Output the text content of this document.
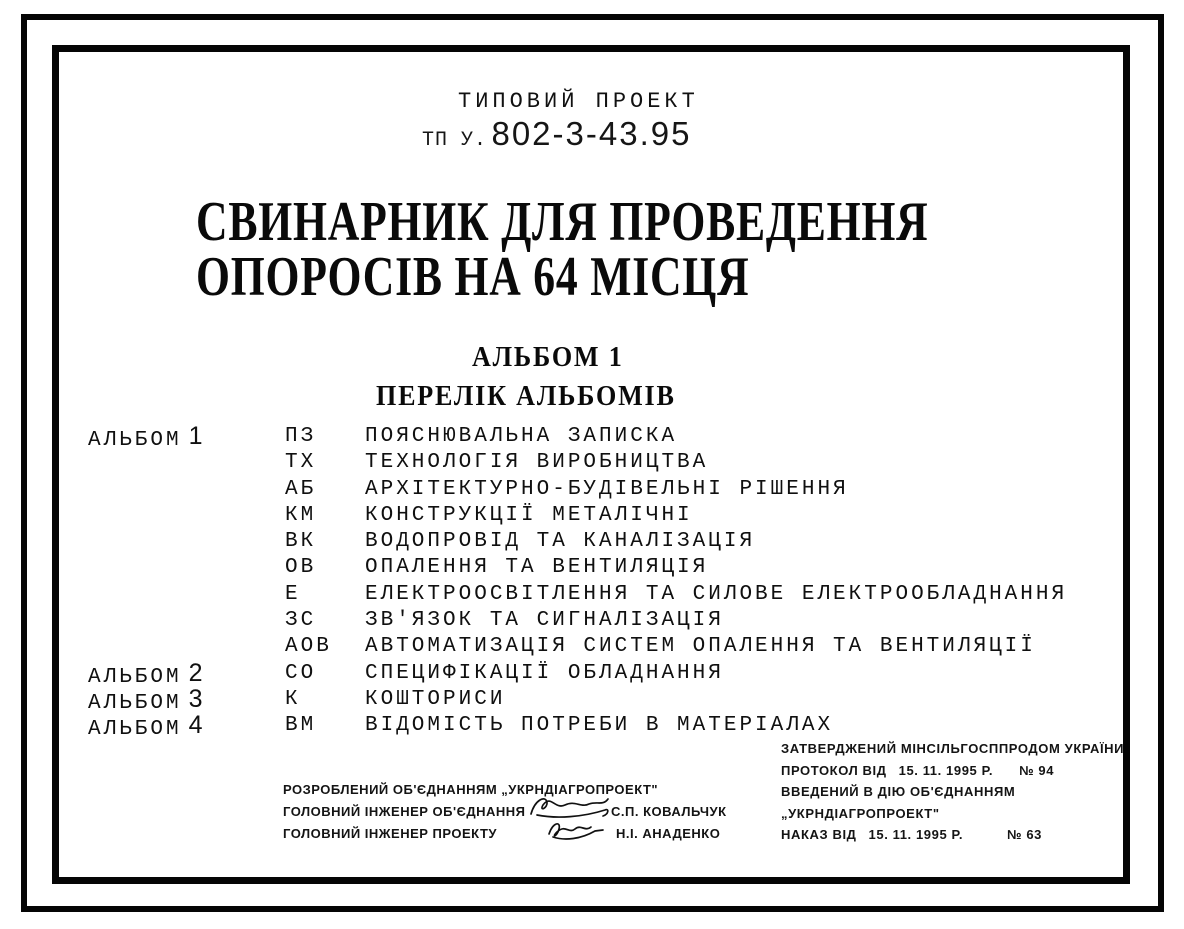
ТИПОВИЙ ПРОЕКТ
ТП У. 802-3-43.95
СВИНАРНИК ДЛЯ ПРОВЕДЕННЯ
ОПОРОСІВ НА 64 МІСЦЯ
АЛЬБОМ 1
ПЕРЕЛІК АЛЬБОМІВ
АЛЬБОМ 1	ПЗ ПОЯСНЮВАЛЬНА ЗАПИСКА
ТХ ТЕХНОЛОГІЯ ВИРОБНИЦТВА
АБ АРХІТЕКТУРНО-БУДІВЕЛЬНІ РІШЕННЯ
КМ КОНСТРУКЦІЇ МЕТАЛІЧНІ
ВК ВОДОПРОВІД ТА КАНАЛІЗАЦІЯ
ОВ ОПАЛЕННЯ ТА ВЕНТИЛЯЦІЯ
Е	ЕЛЕКТРООСВІТЛЕННЯ ТА СИЛОВЕ ЕЛЕКТРООБЛАДНАННЯ
ЗС ЗВ'ЯЗОК ТА СИГНАЛІЗАЦІЯ
АОВ АВТОМАТИЗАЦІЯ СИСТЕМ ОПАЛЕННЯ ТА ВЕНТИЛЯЦІЇ
АЛЬБОМ 2	СО СПЕЦИФІКАЦІЇ ОБЛАДНАННЯ
АЛЬБОМ 3	К	КОШТОРИСИ
АЛЬБОМ 4	ВМ ВІДОМІСТЬ ПОТРЕБИ В МАТЕРІАЛАХ
РОЗРОБЛЕНИЙ ОБ'ЄДНАННЯМ „УКРНДІАГРОПРОЕКТ"
ГОЛОВНИЙ ІНЖЕНЕР ОБ'ЄДНАННЯ	С.П. КОВАЛЬЧУК
ГОЛОВНИЙ ІНЖЕНЕР ПРОЕКТУ	Н.І. АНАДЕНКО
ЗАТВЕРДЖЕНИЙ МІНСІЛЬГОСППРОДОМ УКРАЇНИ
ПРОТОКОЛ ВІД 15. 11. 1995 Р. № 94
ВВЕДЕНИЙ В ДІЮ ОБ'ЄДНАННЯМ
„УКРНДІАГРОПРОЕКТ"
НАКАЗ ВІД 15. 11. 1995 Р.	№ 63
